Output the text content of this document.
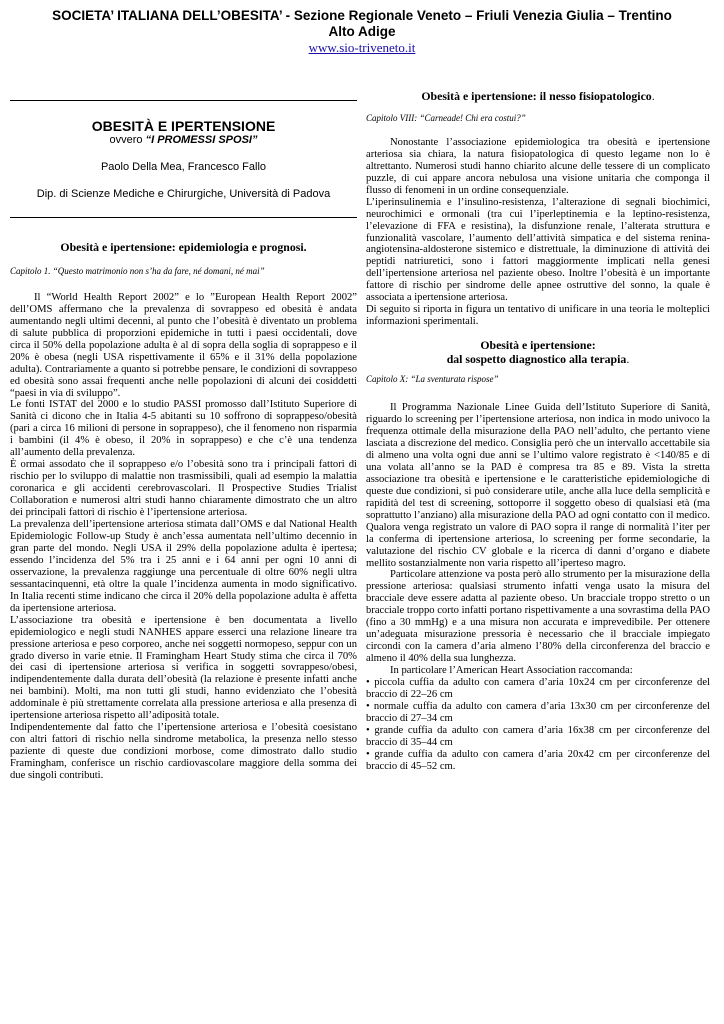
SOCIETA’ ITALIANA DELL’OBESITA’ - Sezione Regionale Veneto – Friuli Venezia Giulia – Trentino
Alto Adige
www.sio-triveneto.it
OBESITÀ E IPERTENSIONE
ovvero “I PROMESSI SPOSI”
Paolo Della Mea, Francesco Fallo
Dip. di Scienze Mediche e Chirurgiche, Università di Padova
Obesità e ipertensione: epidemiologia e prognosi.
Capitolo 1. “Questo matrimonio non s’ha da fare, né domani, né mai”

Il “World Health Report 2002” e lo ”European Health Report 2002” dell’OMS affermano che la prevalenza di sovrappeso ed obesità è andata aumentando negli ultimi decenni, al punto che l’obesità è diventato un problema di salute pubblica di proporzioni epidemiche in tutti i paesi occidentali, dove circa il 50% della popolazione adulta è al di sopra della soglia di soprappeso e il 20% è obesa (negli USA rispettivamente il 65% e il 31% della popolazione adulta). Contrariamente a quanto si potrebbe pensare, le condizioni di sovrappeso ed obesità sono assai frequenti anche nelle popolazioni di alcuni dei cosiddetti “paesi in via di sviluppo”.

Le fonti ISTAT del 2000 e lo studio PASSI promosso dall’Istituto Superiore di Sanità ci dicono che in Italia 4-5 abitanti su 10 soffrono di soprappeso/obesità (pari a circa 16 milioni di persone in soprappeso), che il fenomeno non risparmia i bambini (il 4% è obeso, il 20% in soprappeso) e che c’è una tendenza all’aumento della prevalenza.

È ormai assodato che il soprappeso e/o l’obesità sono tra i principali fattori di rischio per lo sviluppo di malattie non trasmissibili, quali ad esempio la malattia coronarica e gli accidenti cerebrovascolari. Il Prospective Studies Trialist Collaboration e numerosi altri studi hanno chiaramente dimostrato che un altro dei principali fattori di rischio è l’ipertensione arteriosa.

La prevalenza dell’ipertensione arteriosa stimata dall’OMS e dal National Health Epidemiologic Follow-up Study è anch’essa aumentata nell’ultimo decennio in gran parte del mondo. Negli USA il 29% della popolazione adulta è ipertesa; essendo l’incidenza del 5% tra i 25 anni e i 64 anni per ogni 10 anni di osservazione, la prevalenza raggiunge una percentuale di oltre 60% negli ultra sessantacinquenni, età oltre la quale l’incidenza aumenta in modo significativo. In Italia recenti stime indicano che circa il 20% della popolazione adulta è affetta da ipertensione arteriosa.

L’associazione tra obesità e ipertensione è ben documentata a livello epidemiologico e negli studi NANHES appare esserci una relazione lineare tra pressione arteriosa e peso corporeo, anche nei soggetti normopeso, seppur con un grado diverso in varie etnie. Il Framingham Heart Study stima che circa il 70% dei casi di ipertensione arteriosa si verifica in soggetti sovrappeso/obesi, indipendentemente dalla durata dell’obesità (la relazione è presente infatti anche nei bambini). Molti, ma non tutti gli studi, hanno evidenziato che l’obesità addominale è più strettamente correlata alla pressione arteriosa e alla presenza di ipertensione arteriosa rispetto all’adiposità totale.

Indipendentemente dal fatto che l’ipertensione arteriosa e l’obesità coesistano con altri fattori di rischio nella sindrome metabolica, la presenza nello stesso paziente di queste due condizioni morbose, come dimostrato dallo studio Framingham, conferisce un rischio cardiovascolare maggiore della somma dei due singoli contributi.

Obesità e ipertensione: il nesso fisiopatologico.
Capitolo VIII: “Carneade! Chi era costui?”

Nonostante l’associazione epidemiologica tra obesità e ipertensione arteriosa sia chiara, la natura fisiopatologica di questo legame non lo è altrettanto. Numerosi studi hanno chiarito alcune delle tessere di un complicato puzzle, di cui appare ancora nebulosa una visione unitaria che componga il flusso di fenomeni in un ordine consequenziale.

L’iperinsulinemia e l’insulino-resistenza, l’alterazione di segnali biochimici, neurochimici e ormonali (tra cui l’iperleptinemia e la leptino-resistenza, l’elevazione di FFA e resistina), la disfunzione renale, l’alterata struttura e funzionalità vascolare, l’aumento dell’attività simpatica e del sistema renina-angiotensina-aldosterone sistemico e distrettuale, la diminuzione di attività dei peptidi natriuretici, sono i fattori maggiormente implicati nella genesi dell’ipertensione arteriosa nel paziente obeso. Inoltre l’obesità è un importante fattore di rischio per sindrome delle apnee ostruttive del sonno, la quale è associata a ipertensione arteriosa.

Di seguito si riporta in figura un tentativo di unificare in una teoria le molteplici informazioni sperimentali.

Obesità e ipertensione:
dal sospetto diagnostico alla terapia.
Capitolo X: “La sventurata rispose”

Il Programma Nazionale Linee Guida dell’Istituto Superiore di Sanità, riguardo lo screening per l’ipertensione arteriosa, non indica in modo univoco la frequenza ottimale della misurazione della PAO nell’adulto, che pertanto viene lasciata a discrezione del medico. Consiglia però che un intervallo accettabile sia di almeno una volta ogni due anni se l’ultimo valore registrato è <140/85 e di una volata all’anno se la PAD è compresa tra 85 e 89. Vista la stretta associazione tra obesità e ipertensione e le caratteristiche epidemiologiche di queste due condizioni, si può considerare utile, anche alla luce della semplicità e rapidità del test di screening, sottoporre il soggetto obeso di qualsiasi età (ma soprattutto l’anziano) alla misurazione della PAO ad ogni contatto con il medico. Qualora venga registrato un valore di PAO sopra il range di normalità l’iter per la conferma di ipertensione arteriosa, lo screening per forme secondarie, la valutazione del rischio CV globale e la ricerca di danni d’organo e diabete mellito sostanzialmente non varia rispetto all’iperteso magro.

Particolare attenzione va posta però allo strumento per la misurazione della pressione arteriosa: qualsiasi strumento infatti venga usato la misura del bracciale deve essere adatta al paziente obeso. Un bracciale troppo stretto o un bracciale troppo corto infatti portano rispettivamente a una sovrastima della PAO (fino a 30 mmHg) e a una misura non accurata e imprevedibile. Per ottenere un’adeguata misurazione pressoria è necessario che il bracciale impiegato circondi con la camera d’aria almeno l’80% della circonferenza del braccio e almeno il 40% della sua lunghezza.

In particolare l’American Heart Association raccomanda:

• piccola cuffia da adulto con camera d’aria 10x24 cm per circonferenze del braccio di 22–26 cm

• normale cuffia da adulto con camera d’aria 13x30 cm per circonferenze del braccio di 27–34 cm

• grande cuffia da adulto con camera d’aria 16x38 cm per circonferenze del braccio di 35–44 cm

• grande cuffia da adulto con camera d’aria 20x42 cm per circonferenze del braccio di 45–52 cm.
